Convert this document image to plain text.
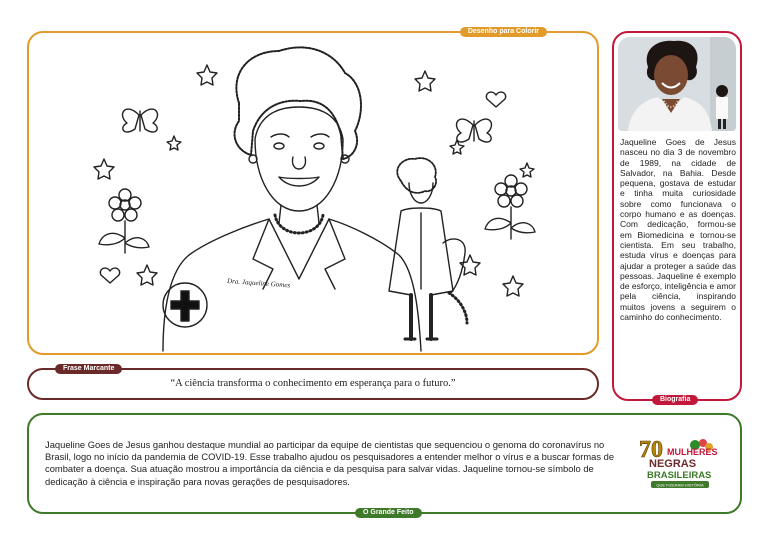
Desenho para Colorir
Dra. Jaqueline Gomes
Frase Marcante
“A ciência transforma o conhecimento em esperança para o futuro.”
Jaqueline Goes de Jesus nasceu no dia 3 de novembro de 1989, na cidade de Salvador, na Bahia. Desde pequena, gostava de estudar e tinha muita curiosidade sobre como funcionava o corpo humano e as doenças. Com dedicação, formou-se em Biomedicina e tornou-se cientista. Em seu trabalho, estuda vírus e doenças para ajudar a proteger a saúde das pessoas. Jaqueline é exemplo de esforço, inteligência e amor pela ciência, inspirando muitos jovens a seguirem o caminho do conhecimento.
Biografia
Jaqueline Goes de Jesus ganhou destaque mundial ao participar da equipe de cientistas que sequenciou o genoma do coronavírus no Brasil, logo no início da pandemia de COVID-19. Esse trabalho ajudou os pesquisadores a entender melhor o vírus e a buscar formas de combater a doença. Sua atuação mostrou a importância da ciência e da pesquisa para salvar vidas. Jaqueline tornou-se símbolo de dedicação à ciência e inspiração para novas gerações de pesquisadores.
70 MULHERES
NEGRAS
BRASILEIRAS
QUE FIZERAM HISTÓRIA
O Grande Feito
